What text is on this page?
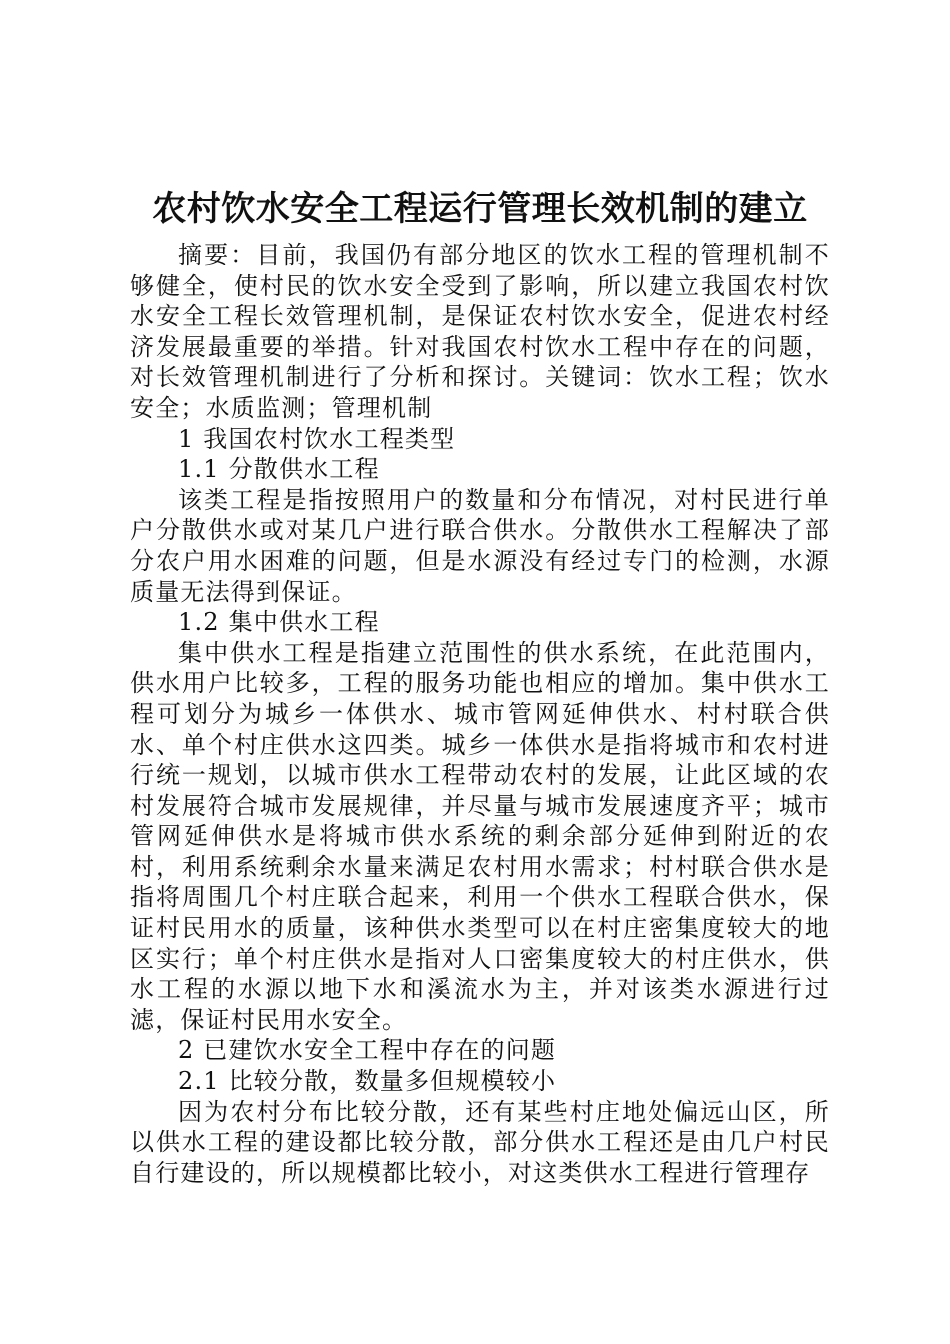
农村饮水安全工程运行管理长效机制的建立

摘要：目前，我国仍有部分地区的饮水工程的管理机制不够健全，使村民的饮水安全受到了影响，所以建立我国农村饮水安全工程长效管理机制，是保证农村饮水安全，促进农村经济发展最重要的举措。针对我国农村饮水工程中存在的问题，对长效管理机制进行了分析和探讨。关键词：饮水工程；饮水安全；水质监测；管理机制

1 我国农村饮水工程类型

1.1 分散供水工程

该类工程是指按照用户的数量和分布情况，对村民进行单户分散供水或对某几户进行联合供水。分散供水工程解决了部分农户用水困难的问题，但是水源没有经过专门的检测，水源质量无法得到保证。

1.2 集中供水工程

集中供水工程是指建立范围性的供水系统，在此范围内，供水用户比较多，工程的服务功能也相应的增加。集中供水工程可划分为城乡一体供水、城市管网延伸供水、村村联合供水、单个村庄供水这四类。城乡一体供水是指将城市和农村进行统一规划，以城市供水工程带动农村的发展，让此区域的农村发展符合城市发展规律，并尽量与城市发展速度齐平；城市管网延伸供水是将城市供水系统的剩余部分延伸到附近的农村，利用系统剩余水量来满足农村用水需求；村村联合供水是指将周围几个村庄联合起来，利用一个供水工程联合供水，保证村民用水的质量，该种供水类型可以在村庄密集度较大的地区实行；单个村庄供水是指对人口密集度较大的村庄供水，供水工程的水源以地下水和溪流水为主，并对该类水源进行过滤，保证村民用水安全。

2 已建饮水安全工程中存在的问题

2.1 比较分散，数量多但规模较小

因为农村分布比较分散，还有某些村庄地处偏远山区，所以供水工程的建设都比较分散，部分供水工程还是由几户村民自行建设的，所以规模都比较小，对这类供水工程进行管理存
